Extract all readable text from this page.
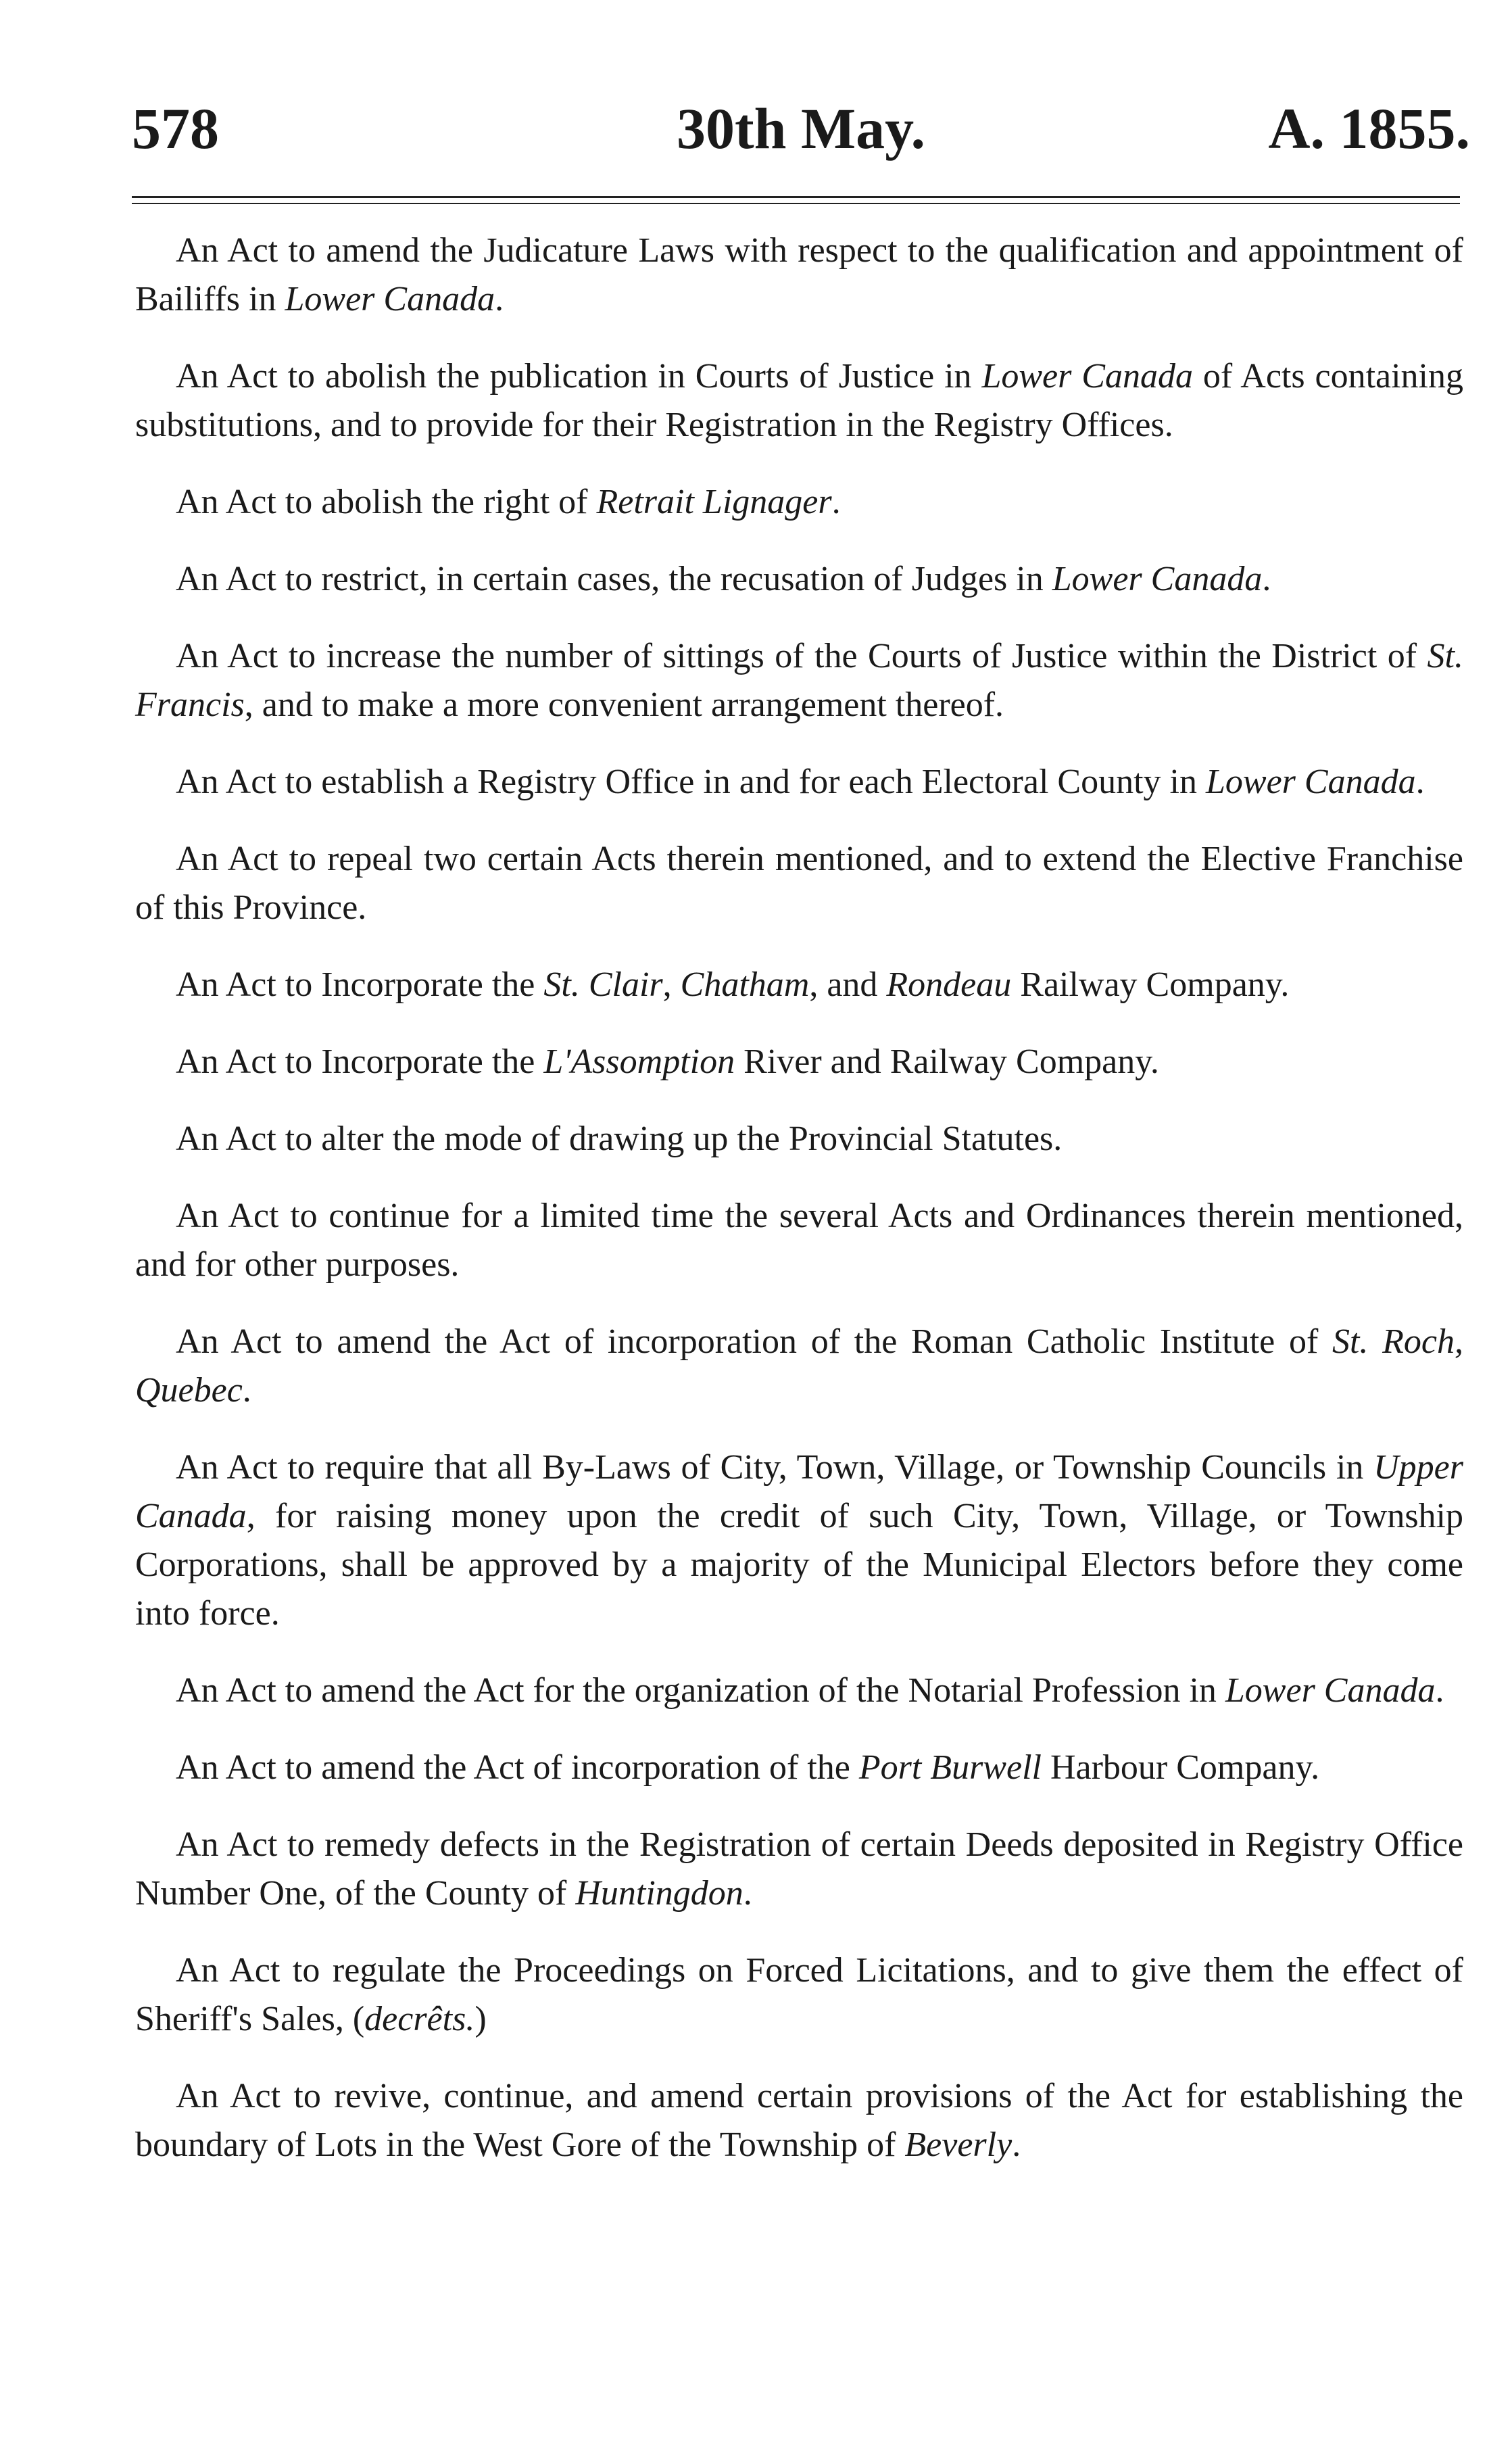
578	30th May.	A. 1855.

An Act to amend the Judicature Laws with respect to the qualification and appointment of Bailiffs in Lower Canada.

An Act to abolish the publication in Courts of Justice in Lower Canada of Acts containing substitutions, and to provide for their Registration in the Registry Offices.

An Act to abolish the right of Retrait Lignager.

An Act to restrict, in certain cases, the recusation of Judges in Lower Canada.

An Act to increase the number of sittings of the Courts of Justice within the District of St. Francis, and to make a more convenient arrangement thereof.

An Act to establish a Registry Office in and for each Electoral County in Lower Canada.

An Act to repeal two certain Acts therein mentioned, and to extend the Elective Franchise of this Province.

An Act to Incorporate the St. Clair, Chatham, and Rondeau Railway Company.

An Act to Incorporate the L'Assomption River and Railway Company.

An Act to alter the mode of drawing up the Provincial Statutes.

An Act to continue for a limited time the several Acts and Ordinances therein mentioned, and for other purposes.

An Act to amend the Act of incorporation of the Roman Catholic Institute of St. Roch, Quebec.

An Act to require that all By-Laws of City, Town, Village, or Township Councils in Upper Canada, for raising money upon the credit of such City, Town, Village, or Township Corporations, shall be approved by a majority of the Municipal Electors before they come into force.

An Act to amend the Act for the organization of the Notarial Profession in Lower Canada.

An Act to amend the Act of incorporation of the Port Burwell Harbour Company.

An Act to remedy defects in the Registration of certain Deeds deposited in Registry Office Number One, of the County of Huntingdon.

An Act to regulate the Proceedings on Forced Licitations, and to give them the effect of Sheriff's Sales, (decrêts.)

An Act to revive, continue, and amend certain provisions of the Act for establishing the boundary of Lots in the West Gore of the Township of Beverly.
